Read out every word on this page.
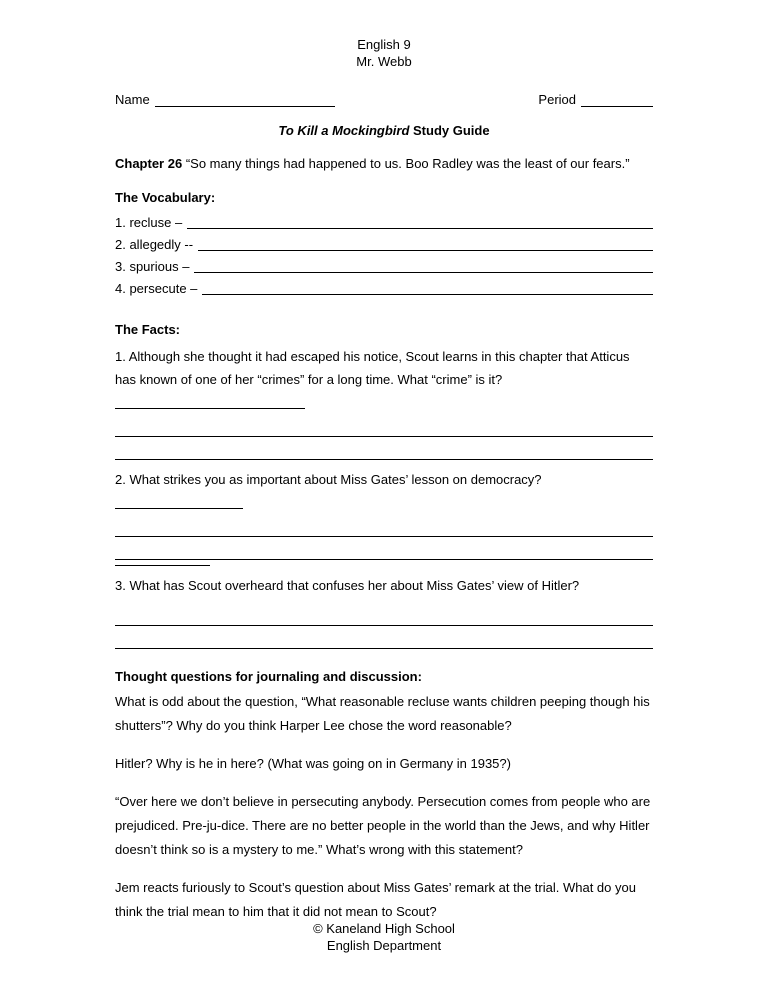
English 9
Mr. Webb
Name	Period
To Kill a Mockingbird Study Guide
Chapter 26 “So many things had happened to us. Boo Radley was the least of our fears.”
The Vocabulary:
1. recluse –
2. allegedly --
3. spurious –
4. persecute –
The Facts:

1. Although she thought it had escaped his notice, Scout learns in this chapter that Atticus has known of one of her “crimes” for a long time. What “crime” is it?

2. What strikes you as important about Miss Gates’ lesson on democracy?

3. What has Scout overheard that confuses her about Miss Gates’ view of Hitler?

Thought questions for journaling and discussion:

What is odd about the question, “What reasonable recluse wants children peeping though his shutters”? Why do you think Harper Lee chose the word reasonable?

Hitler? Why is he in here? (What was going on in Germany in 1935?)

“Over here we don’t believe in persecuting anybody. Persecution comes from people who are prejudiced. Pre-ju-dice. There are no better people in the world than the Jews, and why Hitler doesn’t think so is a mystery to me.” What’s wrong with this statement?

Jem reacts furiously to Scout’s question about Miss Gates’ remark at the trial. What do you think the trial mean to him that it did not mean to Scout?

© Kaneland High School
English Department
